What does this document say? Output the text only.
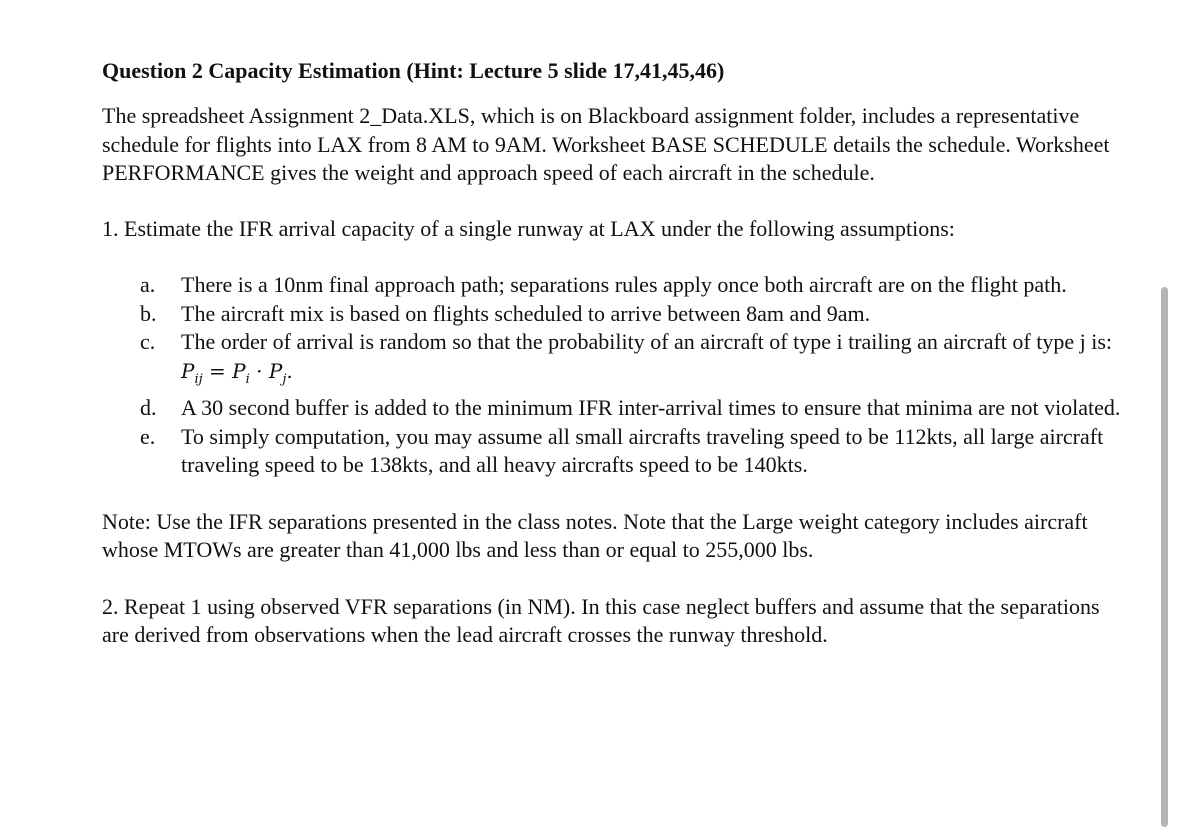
Question 2 Capacity Estimation (Hint: Lecture 5 slide 17,41,45,46)

The spreadsheet Assignment 2_Data.XLS, which is on Blackboard assignment folder, includes a representative schedule for flights into LAX from 8 AM to 9AM. Worksheet BASE SCHEDULE details the schedule. Worksheet PERFORMANCE gives the weight and approach speed of each aircraft in the schedule.

1. Estimate the IFR arrival capacity of a single runway at LAX under the following assumptions:

a. There is a 10nm final approach path; separations rules apply once both aircraft are on the flight path.
b. The aircraft mix is based on flights scheduled to arrive between 8am and 9am.
c. The order of arrival is random so that the probability of an aircraft of type i trailing an aircraft of type j is: $P_{ij} = P_i \cdot P_j$.
d. A 30 second buffer is added to the minimum IFR inter-arrival times to ensure that minima are not violated.
e. To simply computation, you may assume all small aircrafts traveling speed to be 112kts, all large aircraft traveling speed to be 138kts, and all heavy aircrafts speed to be 140kts.

Note: Use the IFR separations presented in the class notes. Note that the Large weight category includes aircraft whose MTOWs are greater than 41,000 lbs and less than or equal to 255,000 lbs.

2. Repeat 1 using observed VFR separations (in NM). In this case neglect buffers and assume that the separations are derived from observations when the lead aircraft crosses the runway threshold.
